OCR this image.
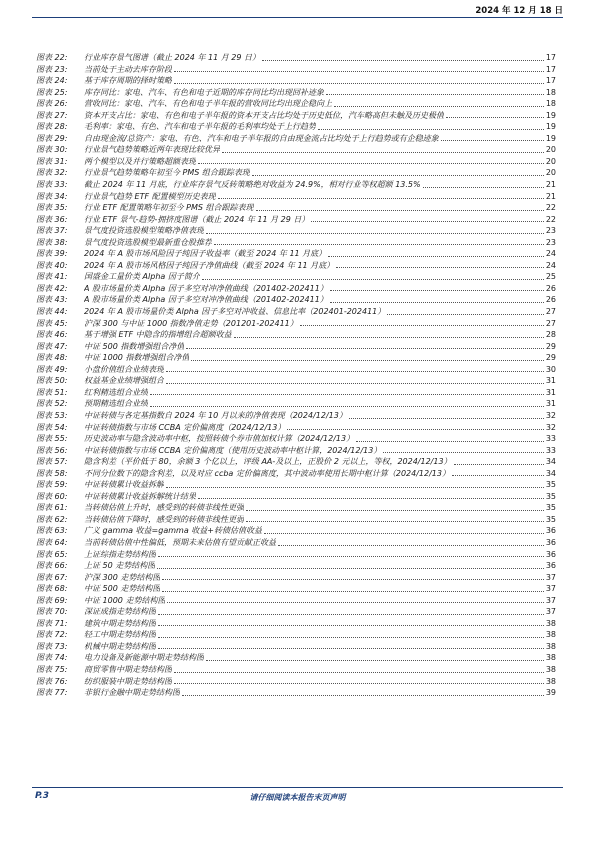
2024 年 12 月 18 日
图表 22:	行业库存景气图谱（截止 2024 年 11 月 29 日）	17
图表 23:	当前处于主动去库存阶段	17
图表 24:	基于库存周期的择时策略	17
图表 25:	库存同比：家电、汽车、有色和电子近期的库存同比均出现回补迹象	18
图表 26:	营收同比：家电、汽车、有色和电子半年报的营收同比均出现企稳向上	18
图表 27:	资本开支占比：家电、有色和电子半年报的资本开支占比均处于历史低位，汽车略高但未触及历史极值	19
图表 28:	毛利率：家电、有色、汽车和电子半年报的毛利率均处于上行趋势	19
图表 29:	自由现金流/总资产：家电、有色、汽车和电子半年报的自由现金流占比均处于上行趋势或有企稳迹象	19
图表 30:	行业景气趋势策略近两年表现比较优异	20
图表 31:	两个模型以及并行策略超额表现	20
图表 32:	行业景气趋势策略年初至今 PMS 组合跟踪表现	20
图表 33:	截止 2024 年 11 月底，行业库存景气反转策略绝对收益为 24.9%，相对行业等权超额 13.5%	21
图表 34:	行业景气趋势 ETF 配置模型历史表现	21
图表 35:	行业 ETF 配置策略年初至今 PMS 组合跟踪表现	22
图表 36:	行业 ETF 景气-趋势-拥挤度图谱（截止 2024 年 11 月 29 日）	22
图表 37:	景气度投资选股模型策略净值表现	23
图表 38:	景气度投资选股模型最新重仓股推荐	23
图表 39:	2024 年 A 股市场风险因子纯因子收益率（截至 2024 年 11 月底）	24
图表 40:	2024 年 A 股市场风格因子纯因子净值曲线（截至 2024 年 11 月底）	24
图表 41:	国盛金工量价类 Alpha 因子简介	25
图表 42:	A 股市场量价类 Alpha 因子多空对冲净值曲线（201402-202411）	26
图表 43:	A 股市场量价类 Alpha 因子多空对冲净值曲线（201402-202411）	26
图表 44:	2024 年 A 股市场量价类 Alpha 因子多空对冲收益、信息比率（202401-202411）	27
图表 45:	沪深 300 与中证 1000 指数净值走势（201201-202411）	27
图表 46:	基于增强 ETF 中隐含的指增组合超额收益	28
图表 47:	中证 500 指数增强组合净值	29
图表 48:	中证 1000 指数增强组合净值	29
图表 49:	小盘价值组合业绩表现	30
图表 50:	权益基金业绩增强组合	31
图表 51:	红利精选组合业绩	31
图表 52:	预期精选组合业绩	31
图表 53:	中证转债与各定基指数自 2024 年 10 月以来的净值表现（2024/12/13）	32
图表 54:	中证转债指数与市场 CCBA 定价偏离度（2024/12/13）	32
图表 55:	历史波动率与隐含波动率中枢，按照转债个券市值加权计算（2024/12/13）	33
图表 56:	中证转债指数与市场 CCBA 定价偏离度（使用历史波动率中枢计算，2024/12/13）	33
图表 57:	隐含利差（平价低于 80，余额 3 个亿以上，评级 AA-及以上，正股价 2 元以上，等权，2024/12/13）	34
图表 58:	不同分位数下的隐含利差，以及对应 ccba 定价偏离度，其中波动率使用长期中枢计算（2024/12/13）	34
图表 59:	中证转债累计收益拆解	35
图表 60:	中证转债累计收益拆解统计结果	35
图表 61:	当转债估值上升时，感受到的转债非线性更强	35
图表 62:	当转债估值下降时，感受到的转债非线性更弱	35
图表 63:	广义 gamma 收益=gamma 收益+转债估值收益	36
图表 64:	当前转债估值中性偏低，预期未来估值有望贡献正收益	36
图表 65:	上证综指走势结构图	36
图表 66:	上证 50 走势结构图	36
图表 67:	沪深 300 走势结构图	37
图表 68:	中证 500 走势结构图	37
图表 69:	中证 1000 走势结构图	37
图表 70:	深证成指走势结构图	37
图表 71:	建筑中期走势结构图	38
图表 72:	轻工中期走势结构图	38
图表 73:	机械中期走势结构图	38
图表 74:	电力设备及新能源中期走势结构图	38
图表 75:	商贸零售中期走势结构图	38
图表 76:	纺织服装中期走势结构图	38
图表 77:	非银行金融中期走势结构图	39
P.3	请仔细阅读本报告末页声明
